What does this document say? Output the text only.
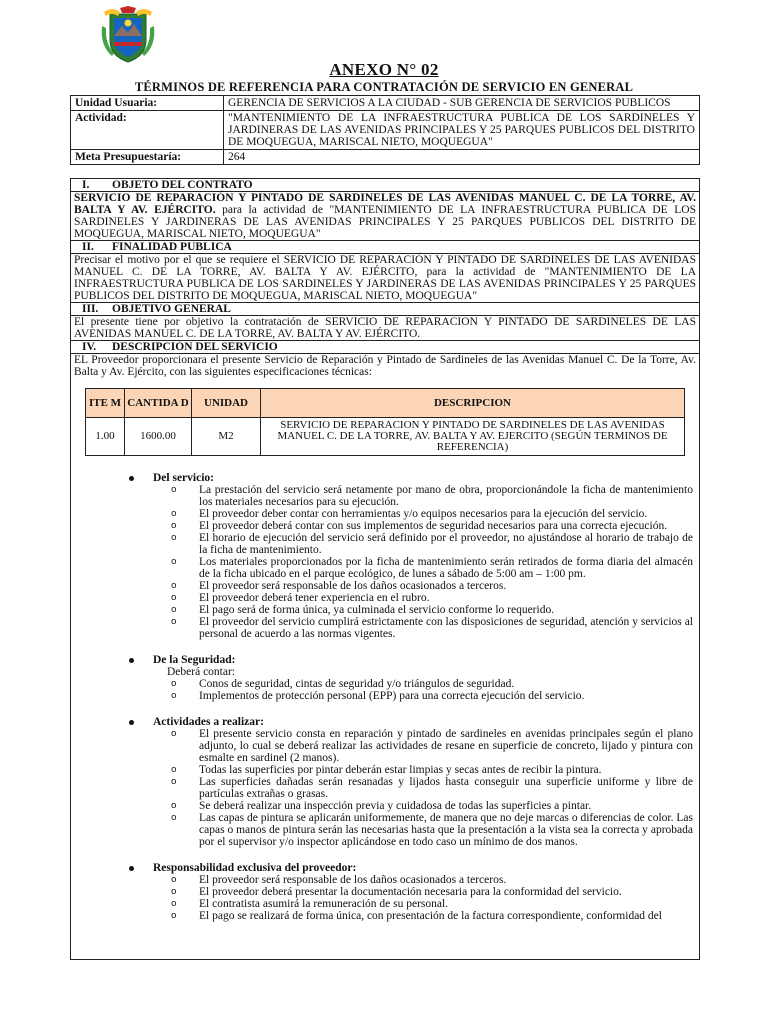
ANEXO N° 02
TÉRMINOS DE REFERENCIA PARA CONTRATACIÓN DE SERVICIO EN GENERAL
Unidad Usuaria:	GERENCIA DE SERVICIOS A LA CIUDAD - SUB GERENCIA DE SERVICIOS PUBLICOS
Actividad:	"MANTENIMIENTO DE LA INFRAESTRUCTURA PUBLICA DE LOS SARDINELES Y JARDINERAS DE LAS AVENIDAS PRINCIPALES Y 25 PARQUES PUBLICOS DEL DISTRITO DE MOQUEGUA, MARISCAL NIETO, MOQUEGUA"
Meta Presupuestaría:	264
I. OBJETO DEL CONTRATO
SERVICIO DE REPARACIÓN Y PINTADO DE SARDINELES DE LAS AVENIDAS MANUEL C. DE LA TORRE, AV. BALTA Y AV. EJÉRCITO. para la actividad de "MANTENIMIENTO DE LA INFRAESTRUCTURA PUBLICA DE LOS SARDINELES Y JARDINERAS DE LAS AVENIDAS PRINCIPALES Y 25 PARQUES PUBLICOS DEL DISTRITO DE MOQUEGUA, MARISCAL NIETO, MOQUEGUA"
II. FINALIDAD PUBLICA
Precisar el motivo por el que se requiere el SERVICIO DE REPARACIÓN Y PINTADO DE SARDINELES DE LAS AVENIDAS MANUEL C. DE LA TORRE, AV. BALTA Y AV. EJÉRCITO, para la actividad de "MANTENIMIENTO DE LA INFRAESTRUCTURA PUBLICA DE LOS SARDINELES Y JARDINERAS DE LAS AVENIDAS PRINCIPALES Y 25 PARQUES PUBLICOS DEL DISTRITO DE MOQUEGUA, MARISCAL NIETO, MOQUEGUA"
III. OBJETIVO GENERAL
El presente tiene por objetivo la contratación de SERVICIO DE REPARACION Y PINTADO DE SARDINELES DE LAS AVENIDAS MANUEL C. DE LA TORRE, AV. BALTA Y AV. EJÉRCITO.
IV. DESCRIPCIÓN DEL SERVICIO
EL Proveedor proporcionara el presente Servicio de Reparación y Pintado de Sardineles de las Avenidas Manuel C. De la Torre, Av. Balta y Av. Ejército, con las siguientes especificaciones técnicas:
ITE M	CANTIDA D	UNIDAD	DESCRIPCION
1.00	1600.00	M2	SERVICIO DE REPARACION Y PINTADO DE SARDINELES DE LAS AVENIDAS MANUEL C. DE LA TORRE, AV. BALTA Y AV. EJERCITO (SEGÚN TERMINOS DE REFERENCIA)
Del servicio:
o La prestación del servicio será netamente por mano de obra, proporcionándole la ficha de mantenimiento los materiales necesarios para su ejecución.
o El proveedor deber contar con herramientas y/o equipos necesarios para la ejecución del servicio.
o El proveedor deberá contar con sus implementos de seguridad necesarios para una correcta ejecución.
o El horario de ejecución del servicio será definido por el proveedor, no ajustándose al horario de trabajo de la ficha de mantenimiento.
o Los materiales proporcionados por la ficha de mantenimiento serán retirados de forma diaria del almacén de la ficha ubicado en el parque ecológico, de lunes a sábado de 5:00 am – 1:00 pm.
o El proveedor será responsable de los daños ocasionados a terceros.
o El proveedor deberá tener experiencia en el rubro.
o El pago será de forma única, ya culminada el servicio conforme lo requerido.
o El proveedor del servicio cumplirá estrictamente con las disposiciones de seguridad, atención y servicios al personal de acuerdo a las normas vigentes.
De la Seguridad:
Deberá contar:
o Conos de seguridad, cintas de seguridad y/o triángulos de seguridad.
o Implementos de protección personal (EPP) para una correcta ejecución del servicio.
Actividades a realizar:
o El presente servicio consta en reparación y pintado de sardineles en avenidas principales según el plano adjunto, lo cual se deberá realizar las actividades de resane en superficie de concreto, lijado y pintura con esmalte en sardinel (2 manos).
o Todas las superficies por pintar deberán estar limpias y secas antes de recibir la pintura.
o Las superficies dañadas serán resanadas y lijados hasta conseguir una superficie uniforme y libre de partículas extrañas o grasas.
o Se deberá realizar una inspección previa y cuidadosa de todas las superficies a pintar.
o Las capas de pintura se aplicarán uniformemente, de manera que no deje marcas o diferencias de color. Las capas o manos de pintura serán las necesarias hasta que la presentación a la vista sea la correcta y aprobada por el supervisor y/o inspector aplicándose en todo caso un mínimo de dos manos.
Responsabilidad exclusiva del proveedor:
o El proveedor será responsable de los daños ocasionados a terceros.
o El proveedor deberá presentar la documentación necesaria para la conformidad del servicio.
o El contratista asumirá la remuneración de su personal.
o El pago se realizará de forma única, con presentación de la factura correspondiente, conformidad del
